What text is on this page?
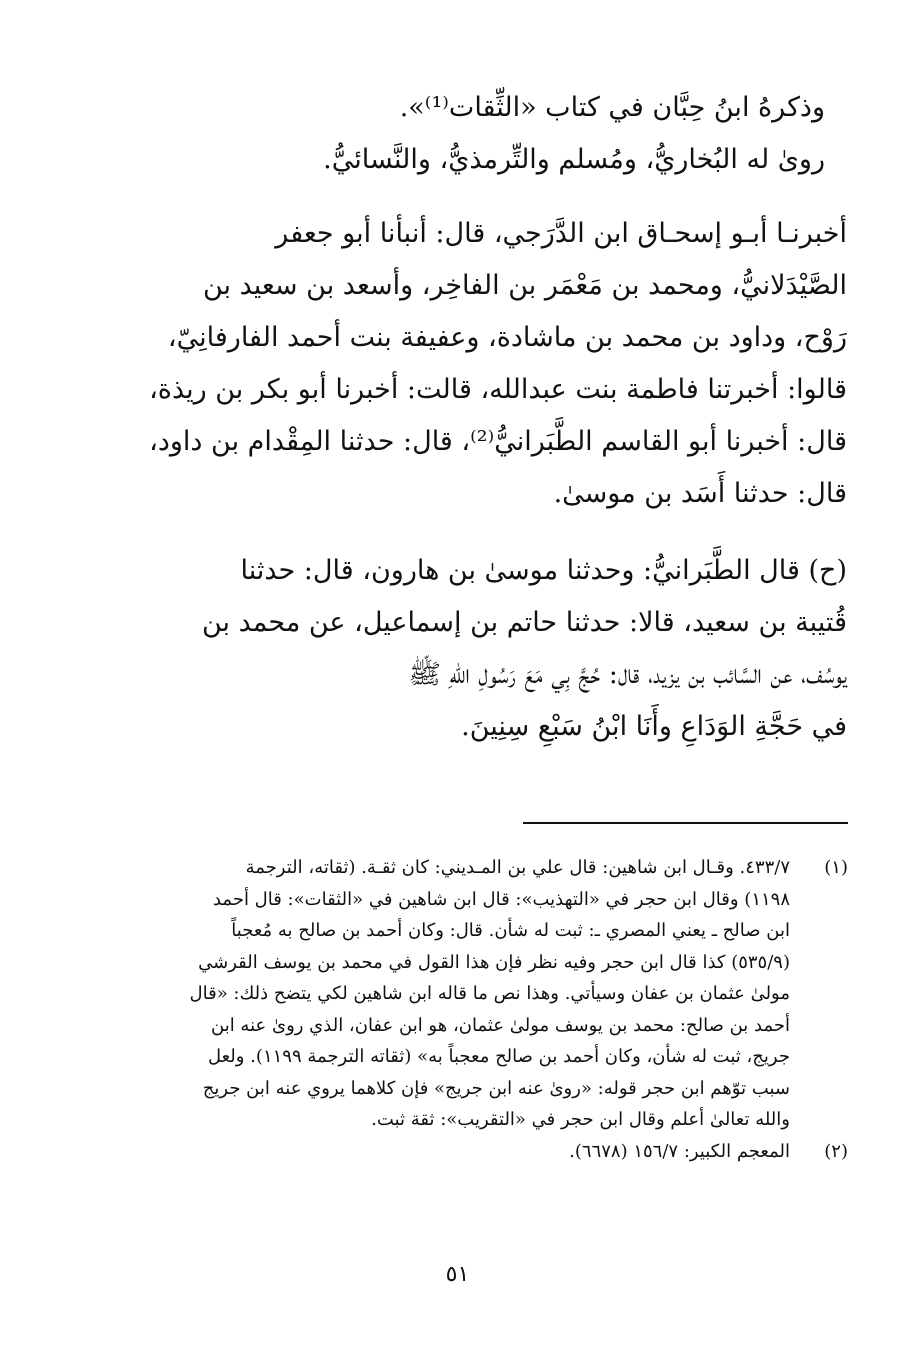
وذكرهُ ابنُ حِبَّان في كتاب «الثِّقات⁽¹⁾».
روىٰ له البُخاريُّ، ومُسلم والتِّرمذيُّ، والنَّسائيُّ.
أخبرنـا أبـو إسحـاق ابن الدَّرَجي، قال: أنبأنا أبو جعفر
الصَّيْدَلانيُّ، ومحمد بن مَعْمَر بن الفاخِر، وأسعد بن سعيد بن
رَوْح، وداود بن محمد بن ماشادة، وعفيفة بنت أحمد الفارفانِيّ،
قالوا: أخبرتنا فاطمة بنت عبدالله، قالت: أخبرنا أبو بكر بن ريذة،
قال: أخبرنا أبو القاسم الطَّبَرانيُّ⁽²⁾، قال: حدثنا المِقْدام بن داود،
قال: حدثنا أَسَد بن موسىٰ.
(ح) قال الطَّبَرانيُّ: وحدثنا موسىٰ بن هارون، قال: حدثنا
قُتيبة بن سعيد، قالا: حدثنا حاتم بن إسماعيل، عن محمد بن
يوسُف، عن السَّائب بن يزيد، قال: حُجَّ بِي مَعَ رَسُولِ اللهِ ﷺ
في حَجَّةِ الوَدَاعِ وأَنَا ابْنُ سَبْعِ سِنِينَ.
(١)
٤٣٣/٧. وقـال ابن شاهين: قال علي بن المـديني: كان ثقـة. (ثقاته، الترجمة
١١٩٨) وقال ابن حجر في «التهذيب»: قال ابن شاهين في «الثقات»: قال أحمد
ابن صالح ـ يعني المصري ـ: ثبت له شأن. قال: وكان أحمد بن صالح به مُعجباً
(٥٣٥/٩) كذا قال ابن حجر وفيه نظر فإن هذا القول في محمد بن يوسف القرشي
مولىٰ عثمان بن عفان وسيأتي. وهذا نص ما قاله ابن شاهين لكي يتضح ذلك: «قال
أحمد بن صالح: محمد بن يوسف مولىٰ عثمان، هو ابن عفان، الذي روىٰ عنه ابن
جريج، ثبت له شأن، وكان أحمد بن صالح معجباً به» (ثقاته الترجمة ١١٩٩). ولعل
سبب توّهم ابن حجر قوله: «روىٰ عنه ابن جريج» فإن كلاهما يروي عنه ابن جريج
والله تعالىٰ أعلم وقال ابن حجر في «التقريب»: ثقة ثبت.
(٢)
المعجم الكبير: ١٥٦/٧ (٦٦٧٨).
٥١
